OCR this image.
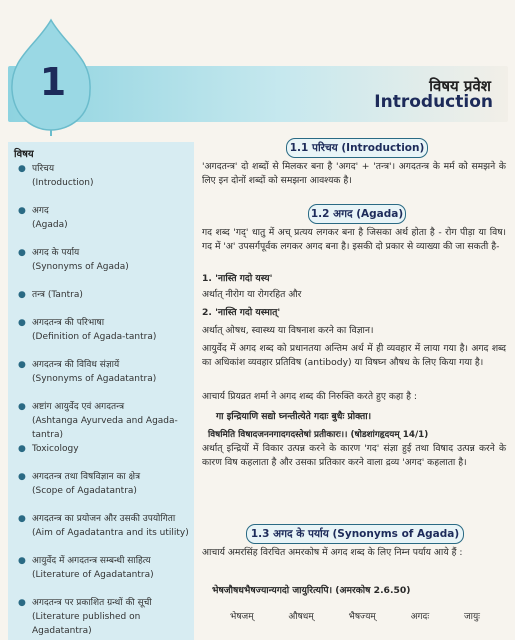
1	विषय प्रवेश
Introduction
विषय
● परिचय
(Introduction)
● अगद
(Agada)
● अगद के पर्याय
(Synonyms of Agada)
● तन्त्र (Tantra)
● अगदतन्त्र की परिभाषा
(Definition of Agada-tantra)
● अगदतन्त्र की विविध संज्ञायें
(Synonyms of Agadatantra)
● अष्टांग आयुर्वेद एवं अगदतन्त्र
(Ashtanga Ayurveda and Agada-tantra)
● Toxicology
● अगदतन्त्र तथा विषविज्ञान का क्षेत्र
(Scope of Agadatantra)
● अगदतन्त्र का प्रयोजन और उसकी उपयोगिता
(Aim of Agadatantra and its utility)
● आयुर्वेद में अगदतन्त्र सम्बन्धी साहित्य
(Literature of Agadatantra)
● अगदतन्त्र पर प्रकाशित ग्रन्थों की सूची
(Literature published on Agadatantra)
1.1 परिचय (Introduction)
'अगदतन्त्र' दो शब्दों से मिलकर बना है 'अगद' + 'तन्त्र'। अगदतन्त्र के मर्म को समझने के लिए इन दोनों शब्दों को समझना आवश्यक है।
1.2 अगद (Agada)
गद शब्द 'गद्' धातु में अच् प्रत्यय लगकर बना है जिसका अर्थ होता है - रोग पीड़ा या विष। गद में 'अ' उपसर्गपूर्वक लगकर अगद बना है। इसकी दो प्रकार से व्याख्या की जा सकती है-
1. 'नास्ति गदो यस्य'
अर्थात् नीरोग या रोगरहित और
2. 'नास्ति गदो यस्मात्'
अर्थात् ओषध, स्वास्थ्य या विषनाश करने का विज्ञान।
आयुर्वेद में अगद शब्द को प्रधानतया अन्तिम अर्थ में ही व्यवहार में लाया गया है। अगद शब्द का अधिकांश व्यवहार प्रतिविष (antibody) या विषघ्न औषध के लिए किया गया है।
आचार्य प्रियव्रत शर्मा ने अगद शब्द की निरुक्ति करते हुए कहा है :
गा इन्द्रियाणि सद्यो घ्नन्तीत्येते गदाः बुधैः प्रोक्ता।
विषमिति विषादजननगादगदस्तेषां प्रतीकारः।। (षोडशांगहृदयम् 14/1)
अर्थात् इन्द्रियों में विकार उत्पन्न करने के कारण 'गद' संज्ञा हुई तथा विषाद उत्पन्न करने के कारण विष कहलाता है और उसका प्रतिकार करने वाला द्रव्य 'अगद' कहलाता है।
1.3 अगद के पर्याय (Synonyms of Agada)
आचार्य अमरसिंह विरचित अमरकोष में अगद शब्द के लिए निम्न पर्याय आये हैं :
भेषजौषधभैषज्यान्यगदो जायुरित्यपि। (अमरकोष 2.6.50)
भेषजम्	औषधम्	भैषज्यम्	अगदः	जायुः
